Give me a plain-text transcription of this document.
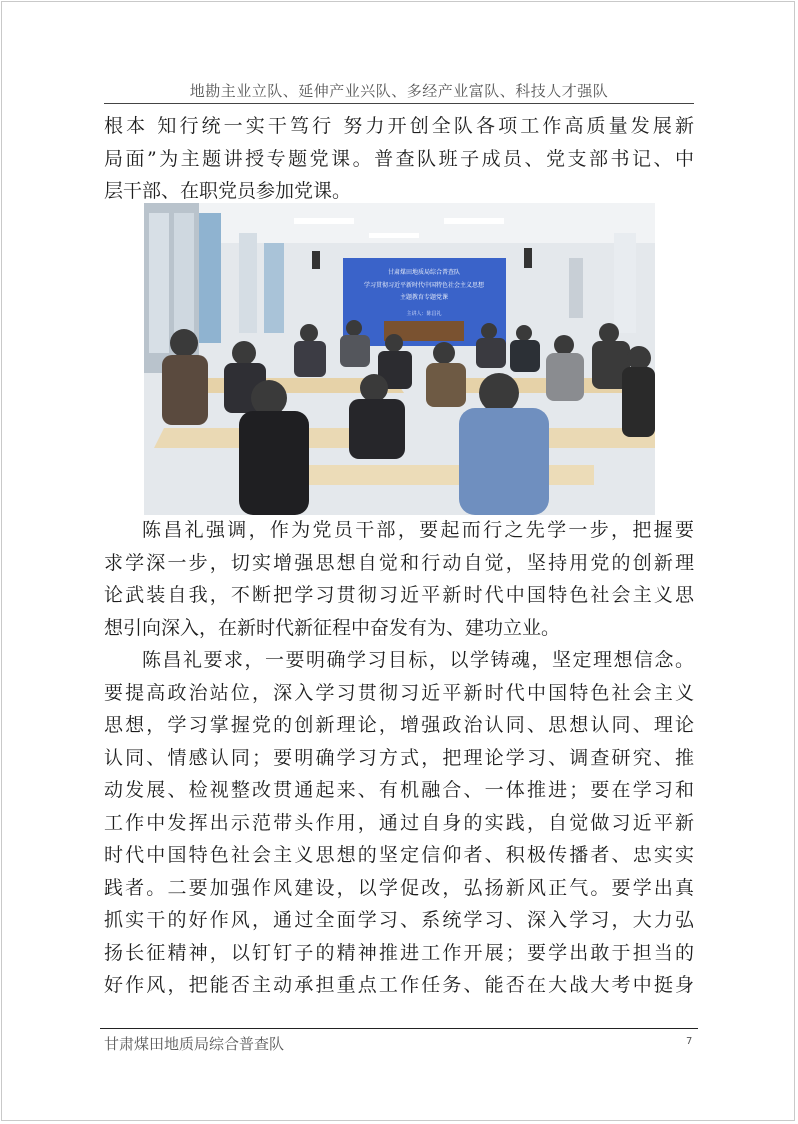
地勘主业立队、延伸产业兴队、多经产业富队、科技人才强队
根本 知行统一实干笃行 努力开创全队各项工作高质量发展新
局面”为主题讲授专题党课。普查队班子成员、党支部书记、中
层干部、在职党员参加党课。
甘肃煤田地质局综合普查队
学习贯彻习近平新时代中国特色社会主义思想
主题教育专题党课
主讲人：陈昌礼
陈昌礼强调，作为党员干部，要起而行之先学一步，把握要
求学深一步，切实增强思想自觉和行动自觉，坚持用党的创新理
论武装自我，不断把学习贯彻习近平新时代中国特色社会主义思
想引向深入，在新时代新征程中奋发有为、建功立业。
陈昌礼要求，一要明确学习目标，以学铸魂，坚定理想信念。
要提高政治站位，深入学习贯彻习近平新时代中国特色社会主义
思想，学习掌握党的创新理论，增强政治认同、思想认同、理论
认同、情感认同；要明确学习方式，把理论学习、调查研究、推
动发展、检视整改贯通起来、有机融合、一体推进；要在学习和
工作中发挥出示范带头作用，通过自身的实践，自觉做习近平新
时代中国特色社会主义思想的坚定信仰者、积极传播者、忠实实
践者。二要加强作风建设，以学促改，弘扬新风正气。要学出真
抓实干的好作风，通过全面学习、系统学习、深入学习，大力弘
扬长征精神，以钉钉子的精神推进工作开展；要学出敢于担当的
好作风，把能否主动承担重点工作任务、能否在大战大考中挺身
甘肃煤田地质局综合普查队	7
